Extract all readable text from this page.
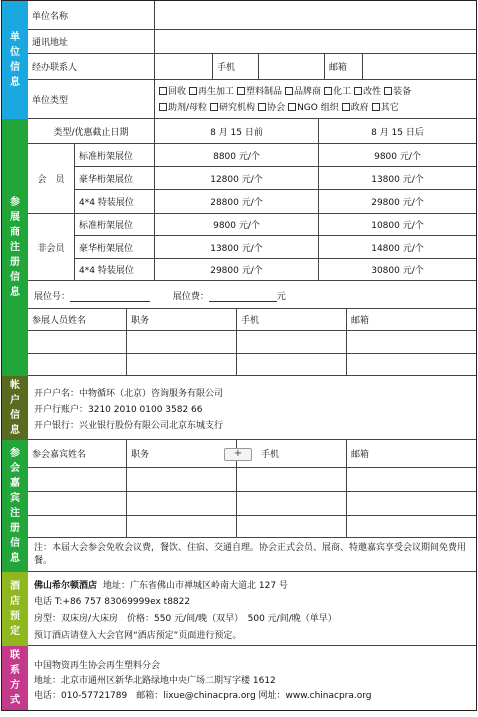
单位信息
参展商注册信息
帐户信息
参会嘉宾注册信息
酒店预定
联系方式
单位名称
通讯地址
经办联系人	手机	邮箱
单位类型
回收 再生加工 塑料制品 品牌商 化工 改性 装备
助剂/母粒 研究机构 协会 NGO 组织 政府 其它
类型/优惠截止日期	8 月 15 日前	8 月 15 日后
会　员
标准桁架展位	8800 元/个	9800 元/个
豪华桁架展位	12800 元/个	13800 元/个
4*4 特装展位	28800 元/个	29800 元/个
非会员
标准桁架展位	9800 元/个	10800 元/个
豪华桁架展位	13800 元/个	14800 元/个
4*4 特装展位	29800 元/个	30800 元/个
展位号：	展位费：	元
参展人员姓名	职务	手机	邮箱
开户户名：中物循环（北京）咨询服务有限公司
开户行账户：3210 2010 0100 3582 66
开户银行：兴业银行股份有限公司北京东城支行
参会嘉宾姓名	职务	手机	邮箱
注：本届大会参会免收会议费，餐饮、住宿、交通自理。协会正式会员、展商、特邀嘉宾享受会议期间免费用餐。
+
佛山希尔顿酒店 地址：广东省佛山市禅城区岭南大道北 127 号
电话 T:+86 757 83069999ex t8822
房型：双床房/大床房　价格：550 元/间/晚（双早）　500 元/间/晚（单早）
预订酒店请登入大会官网“酒店预定”页面进行预定。
中国物资再生协会再生塑料分会
地址：北京市通州区新华北路绿地中央广场二期写字楼 1612
电话：010-57721789　邮箱：lixue@chinacpra.org 网址：www.chinacpra.org
